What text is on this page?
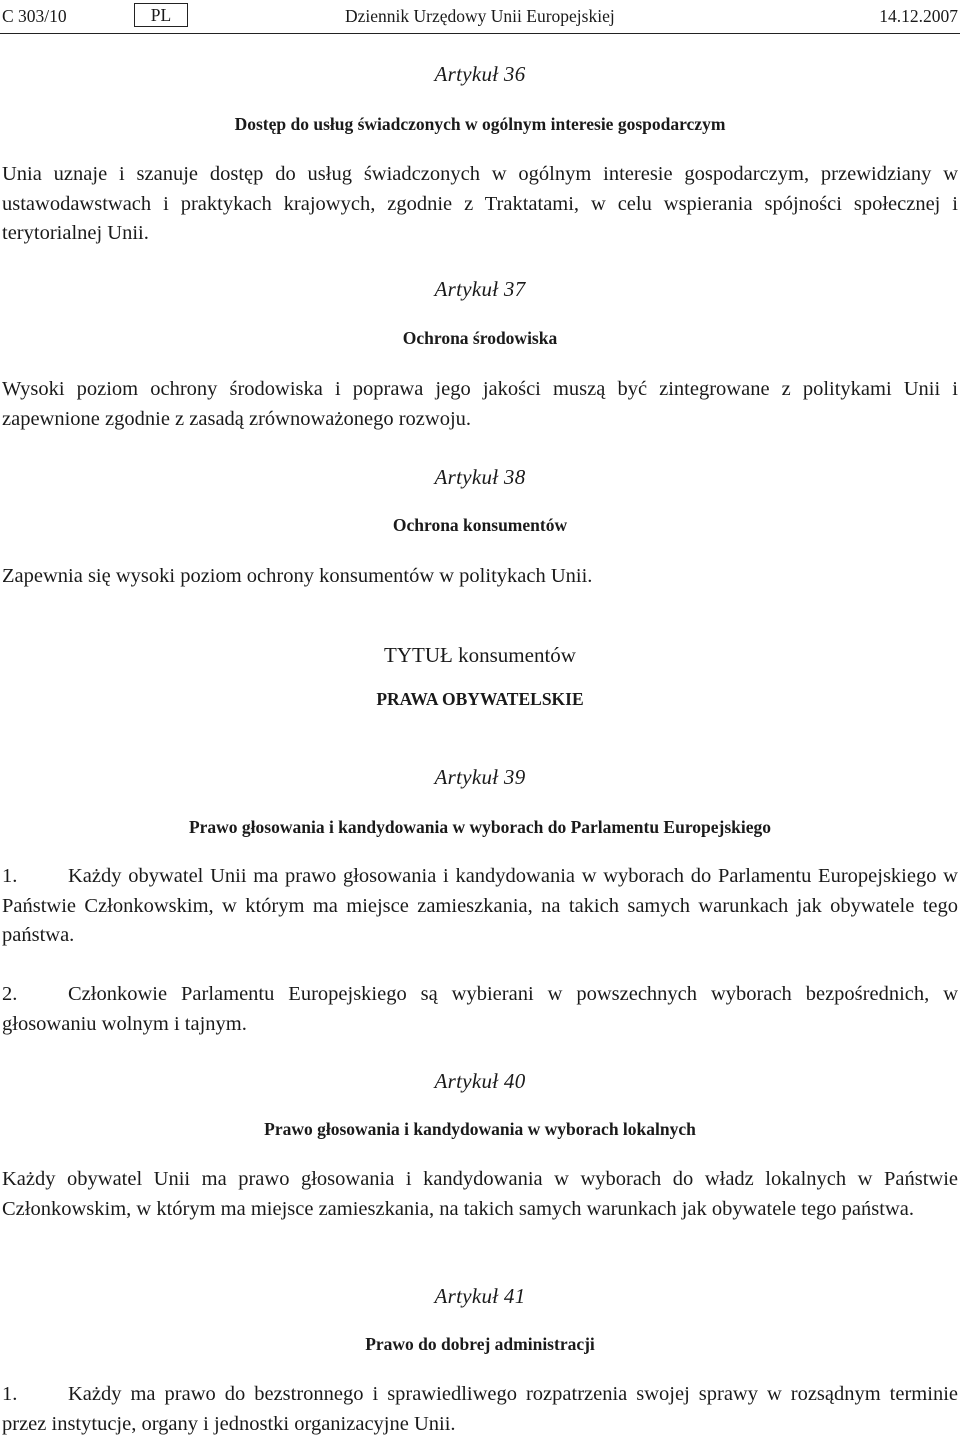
C 303/10	PL	Dziennik Urzędowy Unii Europejskiej	14.12.2007
Artykuł 36
Dostęp do usług świadczonych w ogólnym interesie gospodarczym

Unia uznaje i szanuje dostęp do usług świadczonych w ogólnym interesie gospodarczym, przewidziany w ustawodawstwach i praktykach krajowych, zgodnie z Traktatami, w celu wspierania spójności społecznej i terytorialnej Unii.

Artykuł 37
Ochrona środowiska

Wysoki poziom ochrony środowiska i poprawa jego jakości muszą być zintegrowane z politykami Unii i zapewnione zgodnie z zasadą zrównoważonego rozwoju.

Artykuł 38
Ochrona konsumentów

Zapewnia się wysoki poziom ochrony konsumentów w politykach Unii.

TYTUŁ konsumentów
PRAWA OBYWATELSKIE
Artykuł 39
Prawo głosowania i kandydowania w wyborach do Parlamentu Europejskiego

1. Każdy obywatel Unii ma prawo głosowania i kandydowania w wyborach do Parlamentu Europejskiego w Państwie Członkowskim, w którym ma miejsce zamieszkania, na takich samych warunkach jak obywatele tego państwa.

2. Członkowie Parlamentu Europejskiego są wybierani w powszechnych wyborach bezpośrednich, w głosowaniu wolnym i tajnym.

Artykuł 40
Prawo głosowania i kandydowania w wyborach lokalnych

Każdy obywatel Unii ma prawo głosowania i kandydowania w wyborach do władz lokalnych w Państwie Członkowskim, w którym ma miejsce zamieszkania, na takich samych warunkach jak obywatele tego państwa.

Artykuł 41
Prawo do dobrej administracji

1. Każdy ma prawo do bezstronnego i sprawiedliwego rozpatrzenia swojej sprawy w rozsądnym terminie przez instytucje, organy i jednostki organizacyjne Unii.
